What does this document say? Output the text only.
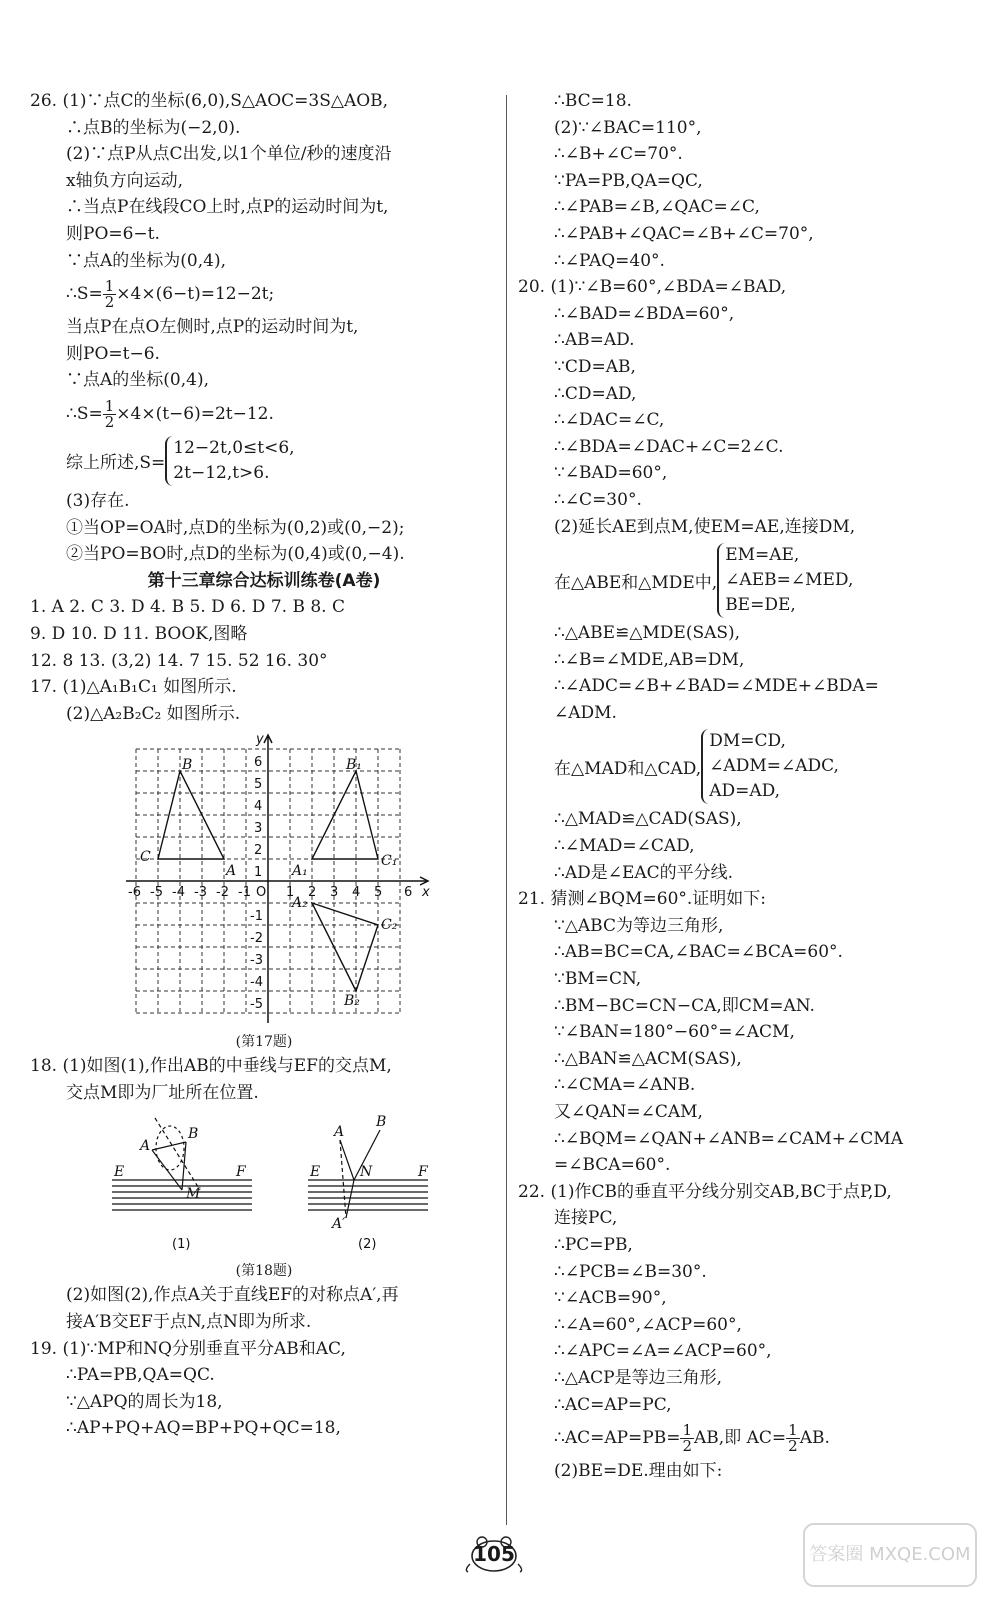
26. (1)∵点C的坐标(6,0),S△AOC=3S△AOB,
∴点B的坐标为(−2,0).
(2)∵点P从点C出发,以1个单位/秒的速度沿
x轴负方向运动,
∴当点P在线段CO上时,点P的运动时间为t,
则PO=6−t.
∵点A的坐标为(0,4),
∴S= $\frac{1}{2} \times 4\times(6-t)=12-2t$;
当点P在点O左侧时,点P的运动时间为t,
则PO=t−6.
∵点A的坐标(0,4),
∴S= $\frac{1}{2} \times 4\times(t-6)=2t-12$.
综上所述,S=
12−2t,0≤t<6,
2t−12,t>6.
(3)存在.
①当OP=OA时,点D的坐标为(0,2)或(0,−2);
②当PO=BO时,点D的坐标为(0,4)或(0,−4).
第十三章综合达标训练卷(A卷)
1. A 2. C 3. D 4. B 5. D 6. D 7. B 8. C
9. D 10. D 11. BOOK,图略
12. 8 13. (3,2) 14. 7 15. 52 16. 30°
17. (1)△A₁B₁C₁ 如图所示.
(2)△A₂B₂C₂ 如图所示.
-6 -5 -4 -3 -2 -1 O 1 2 3 4 5 6 x
y
1
2
3
4
5
6
-1
-2
-3
-4
-5
B
C
A
B₁
A₁
C₁
A₂
C₂
B₂
(第17题)
18. (1)如图(1),作出AB的中垂线与EF的交点M,
交点M即为厂址所在位置.
A
B
E	F
M
A
B
E	N	F
A′
(1)	(2)
(第18题)
(2)如图(2),作点A关于直线EF的对称点A′,再
接A′B交EF于点N,点N即为所求.
19. (1)∵MP和NQ分别垂直平分AB和AC,
∴PA=PB,QA=QC.
∵△APQ的周长为18,
∴AP+PQ+AQ=BP+PQ+QC=18,
∴BC=18.
(2)∵∠BAC=110°,
∴∠B+∠C=70°.
∵PA=PB,QA=QC,
∴∠PAB=∠B,∠QAC=∠C,
∴∠PAB+∠QAC=∠B+∠C=70°,
∴∠PAQ=40°.
20. (1)∵∠B=60°,∠BDA=∠BAD,
∴∠BAD=∠BDA=60°,
∴AB=AD.
∵CD=AB,
∴CD=AD,
∴∠DAC=∠C,
∴∠BDA=∠DAC+∠C=2∠C.
∵∠BAD=60°,
∴∠C=30°.
(2)延长AE到点M,使EM=AE,连接DM,
在△ABE和△MDE中,
EM=AE,
∠AEB=∠MED,
BE=DE,
∴△ABE≌△MDE(SAS),
∴∠B=∠MDE,AB=DM,
∴∠ADC=∠B+∠BAD=∠MDE+∠BDA=
∠ADM.
在△MAD和△CAD,
DM=CD,
∠ADM=∠ADC,
AD=AD,
∴△MAD≌△CAD(SAS),
∴∠MAD=∠CAD,
∴AD是∠EAC的平分线.
21. 猜测∠BQM=60°.证明如下:
∵△ABC为等边三角形,
∴AB=BC=CA,∠BAC=∠BCA=60°.
∵BM=CN,
∴BM−BC=CN−CA,即CM=AN.
∵∠BAN=180°−60°=∠ACM,
∴△BAN≌△ACM(SAS),
∴∠CMA=∠ANB.
又∠QAN=∠CAM,
∴∠BQM=∠QAN+∠ANB=∠CAM+∠CMA
=∠BCA=60°.
22. (1)作CB的垂直平分线分别交AB,BC于点P,D,
连接PC,
∴PC=PB,
∴∠PCB=∠B=30°.
∵∠ACB=90°,
∴∠A=60°,∠ACP=60°,
∴∠APC=∠A=∠ACP=60°,
∴△ACP是等边三角形,
∴AC=AP=PC,
∴AC=AP=PB= $\frac{1}{2}$ AB,即 $AC= \frac{1}{2}$ AB.
(2)BE=DE.理由如下:
105	答案圈 MXQE.COM
